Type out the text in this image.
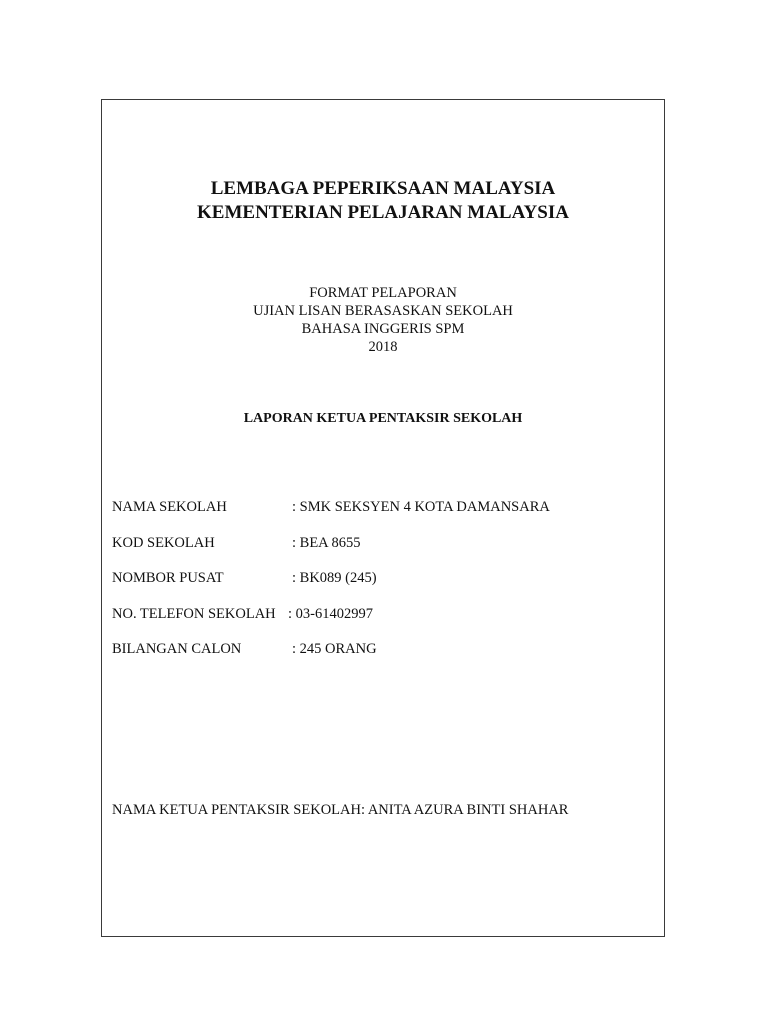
LEMBAGA PEPERIKSAAN MALAYSIA
KEMENTERIAN PELAJARAN MALAYSIA
FORMAT PELAPORAN
UJIAN LISAN BERASASKAN SEKOLAH
BAHASA INGGERIS SPM
2018
LAPORAN KETUA PENTAKSIR SEKOLAH
NAMA SEKOLAH	: SMK SEKSYEN 4 KOTA DAMANSARA
KOD SEKOLAH	: BEA 8655
NOMBOR PUSAT	: BK089 (245)
NO. TELEFON SEKOLAH : 03-61402997
BILANGAN CALON	: 245 ORANG
NAMA KETUA PENTAKSIR SEKOLAH: ANITA AZURA BINTI SHAHAR
